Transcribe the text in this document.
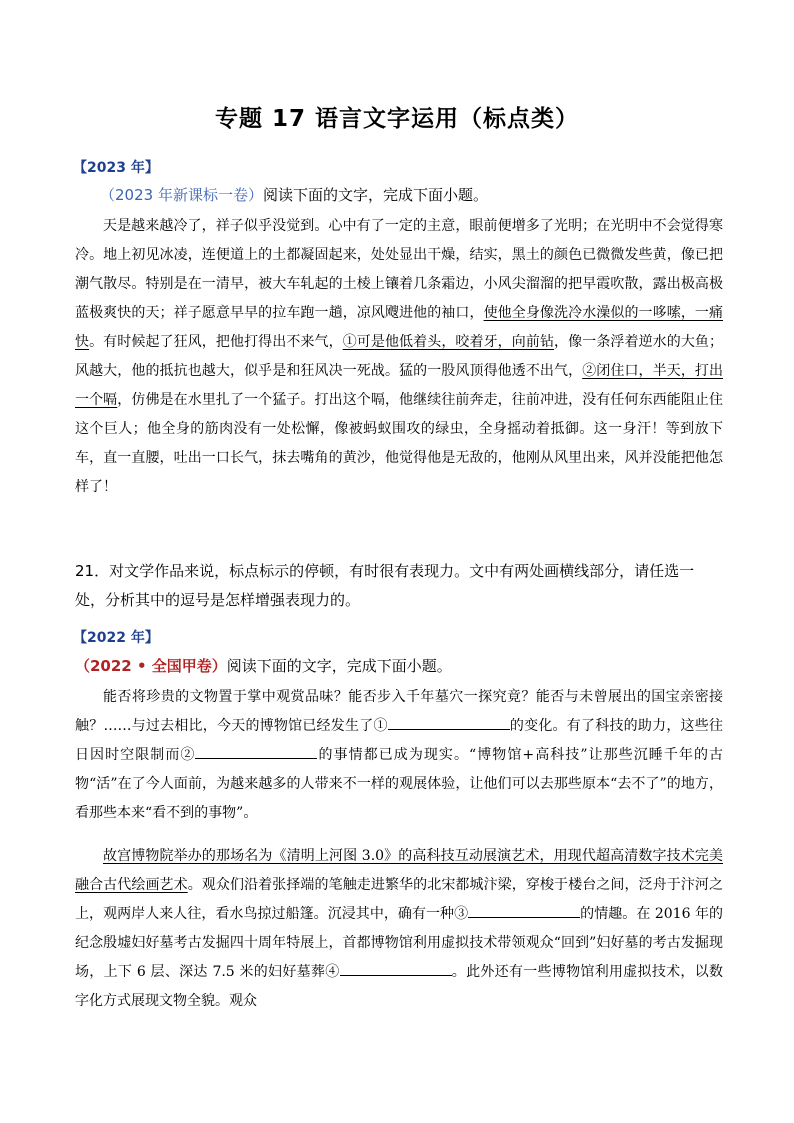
专题 17 语言文字运用（标点类）
【2023 年】
（2023 年新课标一卷）阅读下面的文字，完成下面小题。

天是越来越冷了，祥子似乎没觉到。心中有了一定的主意，眼前便增多了光明；在光明中不会觉得寒冷。地上初见冰凌，连便道上的土都凝固起来，处处显出干燥，结实，黑土的颜色已微微发些黄，像已把潮气散尽。特别是在一清早，被大车轧起的土棱上镶着几条霜边，小风尖溜溜的把早霞吹散，露出极高极蓝极爽快的天；祥子愿意早早的拉车跑一趟，凉风飕进他的袖口，使他全身像洗冷水澡似的一哆嗦，一痛快。有时候起了狂风，把他打得出不来气，①可是他低着头，咬着牙，向前钻，像一条浮着逆水的大鱼；风越大，他的抵抗也越大，似乎是和狂风决一死战。猛的一股风顶得他透不出气，②闭住口，半天，打出一个嗝，仿佛是在水里扎了一个猛子。打出这个嗝，他继续往前奔走，往前冲进，没有任何东西能阻止住这个巨人；他全身的筋肉没有一处松懈，像被蚂蚁围攻的绿虫，全身摇动着抵御。这一身汗！等到放下车，直一直腰，吐出一口长气，抹去嘴角的黄沙，他觉得他是无敌的，他刚从风里出来，风并没能把他怎样了！

21．对文学作品来说，标点标示的停顿，有时很有表现力。文中有两处画横线部分，请任选一处，分析其中的逗号是怎样增强表现力的。
【2022 年】
（2022 • 全国甲卷）阅读下面的文字，完成下面小题。

能否将珍贵的文物置于掌中观赏品味？能否步入千年墓穴一探究竟？能否与未曾展出的国宝亲密接触？……与过去相比，今天的博物馆已经发生了①	的变化。有了科技的助力，这些往日因时空限制而②	的事情都已成为现实。“博物馆+高科技”让那些沉睡千年的古物“活”在了今人面前，为越来越多的人带来不一样的观展体验，让他们可以去那些原本“去不了”的地方，看那些本来“看不到的事物”。

故宫博物院举办的那场名为《清明上河图 3.0》的高科技互动展演艺术，用现代超高清数字技术完美融合古代绘画艺术。观众们沿着张择端的笔触走进繁华的北宋都城汴梁，穿梭于楼台之间，泛舟于汴河之上，观两岸人来人往，看水鸟掠过船篷。沉浸其中，确有一种③	的情趣。在 2016 年的纪念殷墟妇好墓考古发掘四十周年特展上，首都博物馆利用虚拟技术带领观众“回到”妇好墓的考古发掘现场，上下 6 层、深达 7.5 米的妇好墓葬④	。此外还有一些博物馆利用虚拟技术，以数字化方式展现文物全貌。观众
